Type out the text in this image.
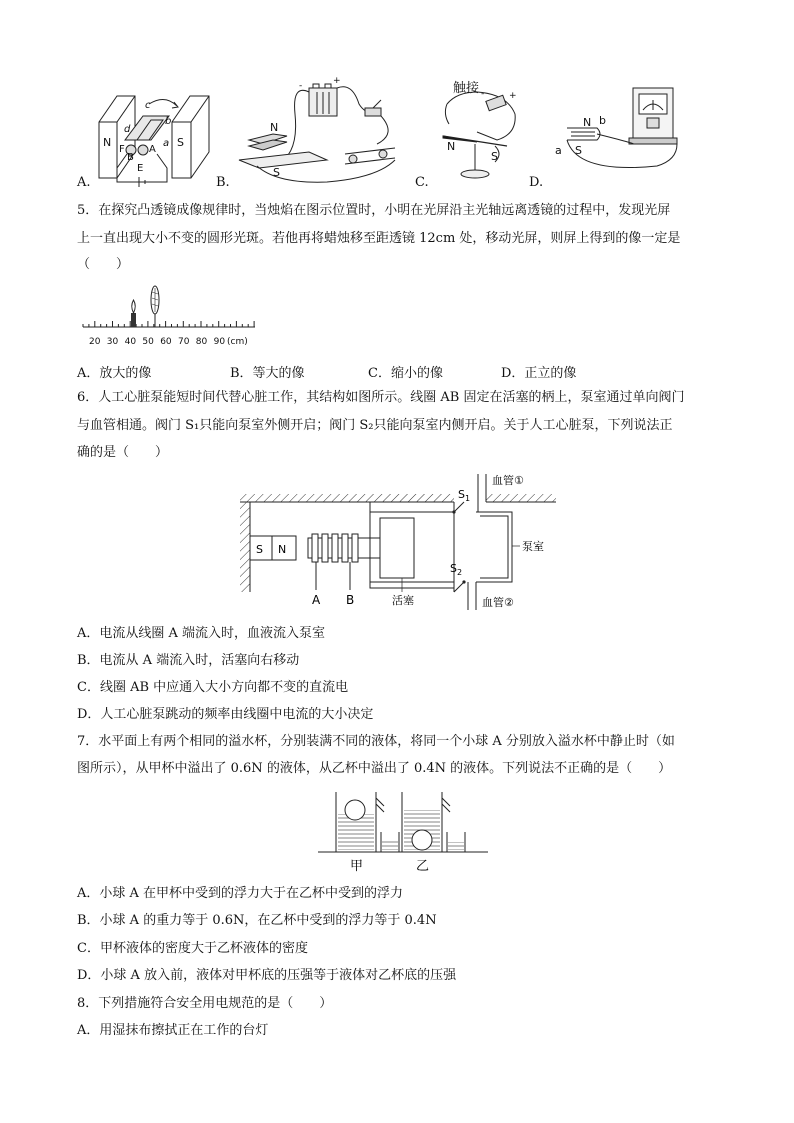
N	S
F
B
A
E
c
d
a
b	N
S
+
-	触接
N
S
+
-
N b
a S
A.	B.	C.	D.
5．在探究凸透镜成像规律时，当烛焰在图示位置时，小明在光屏沿主光轴远离透镜的过程中，发现光屏
上一直出现大小不变的圆形光斑。若他再将蜡烛移至距透镜 12cm 处，移动光屏，则屏上得到的像一定是
（　　）
20 30 40 50 60 70 80 90 (cm)
A．放大的像	B．等大的像	C．缩小的像	D．正立的像
6．人工心脏泵能短时间代替心脏工作，其结构如图所示。线圈 AB 固定在活塞的柄上，泵室通过单向阀门
与血管相通。阀门 S₁只能向泵室外侧开启；阀门 S₂只能向泵室内侧开启。关于人工心脏泵，下列说法正
确的是（　　）
S N
A B	活塞
泵室
$S_1$
血管①
$S_2$
血管②
A．电流从线圈 A 端流入时，血液流入泵室
B．电流从 A 端流入时，活塞向右移动
C．线圈 AB 中应通入大小方向都不变的直流电
D．人工心脏泵跳动的频率由线圈中电流的大小决定
7．水平面上有两个相同的溢水杯，分别装满不同的液体，将同一个小球 A 分别放入溢水杯中静止时（如
图所示），从甲杯中溢出了 0.6N 的液体，从乙杯中溢出了 0.4N 的液体。下列说法不正确的是（　　）
甲	乙
A．小球 A 在甲杯中受到的浮力大于在乙杯中受到的浮力
B．小球 A 的重力等于 0.6N，在乙杯中受到的浮力等于 0.4N
C．甲杯液体的密度大于乙杯液体的密度
D．小球 A 放入前，液体对甲杯底的压强等于液体对乙杯底的压强
8．下列措施符合安全用电规范的是（　　）
A．用湿抹布擦拭正在工作的台灯
